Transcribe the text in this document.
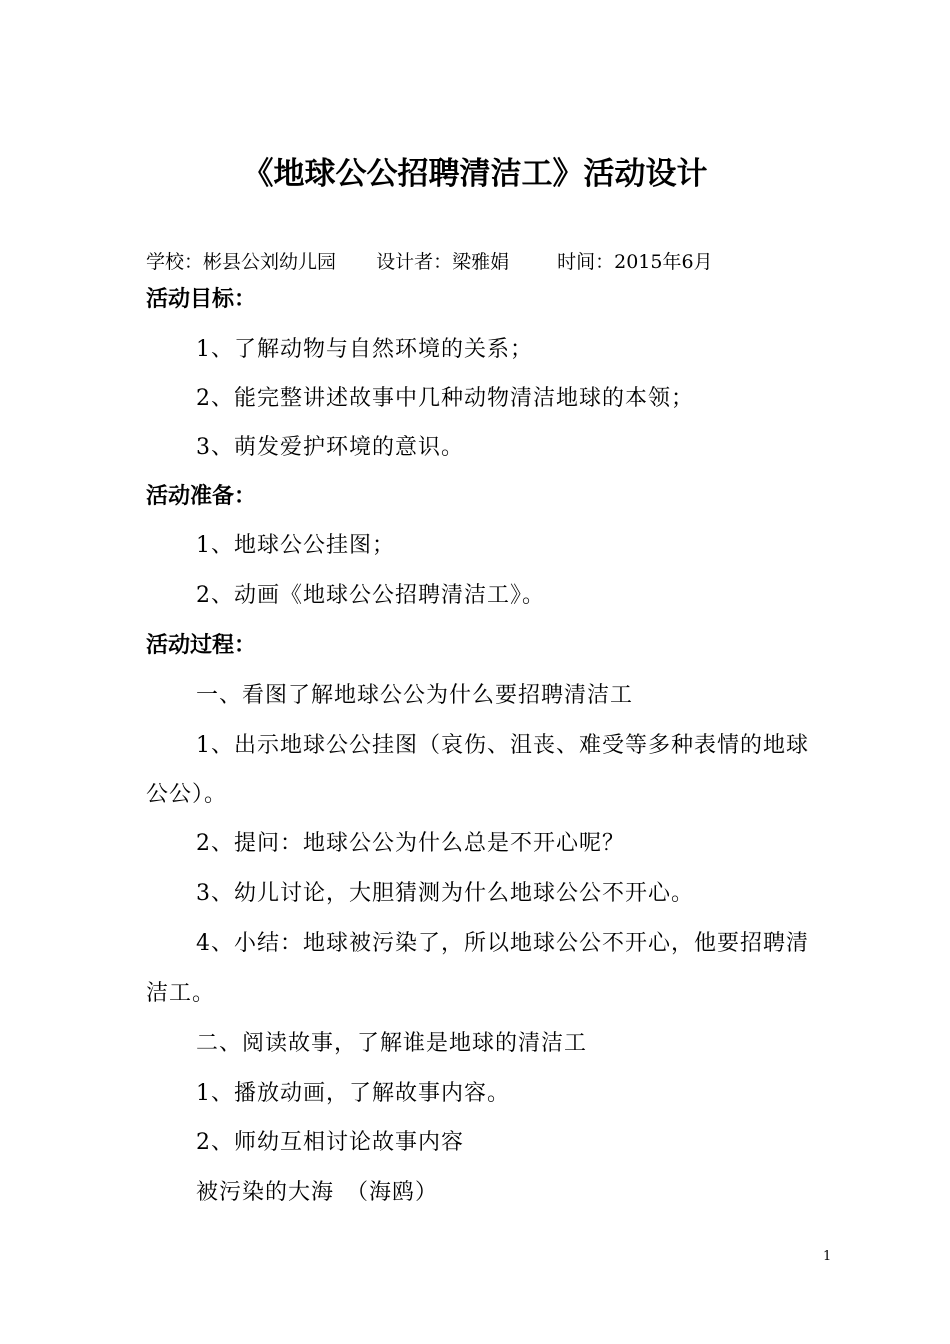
《地球公公招聘清洁工》活动设计
学校：彬县公刘幼儿园 设计者：梁雅娟	时间：2015年6月
活动目标：
1、了解动物与自然环境的关系；
2、能完整讲述故事中几种动物清洁地球的本领；
3、萌发爱护环境的意识。
活动准备：
1、地球公公挂图；
2、动画《地球公公招聘清洁工》。
活动过程：
一、看图了解地球公公为什么要招聘清洁工
1、出示地球公公挂图（哀伤、沮丧、难受等多种表情的地球
公公）。
2、提问：地球公公为什么总是不开心呢？
3、幼儿讨论，大胆猜测为什么地球公公不开心。
4、小结：地球被污染了，所以地球公公不开心，他要招聘清
洁工。
二、阅读故事，了解谁是地球的清洁工
1、播放动画，了解故事内容。
2、师幼互相讨论故事内容
被污染的大海　（海鸥）
1
